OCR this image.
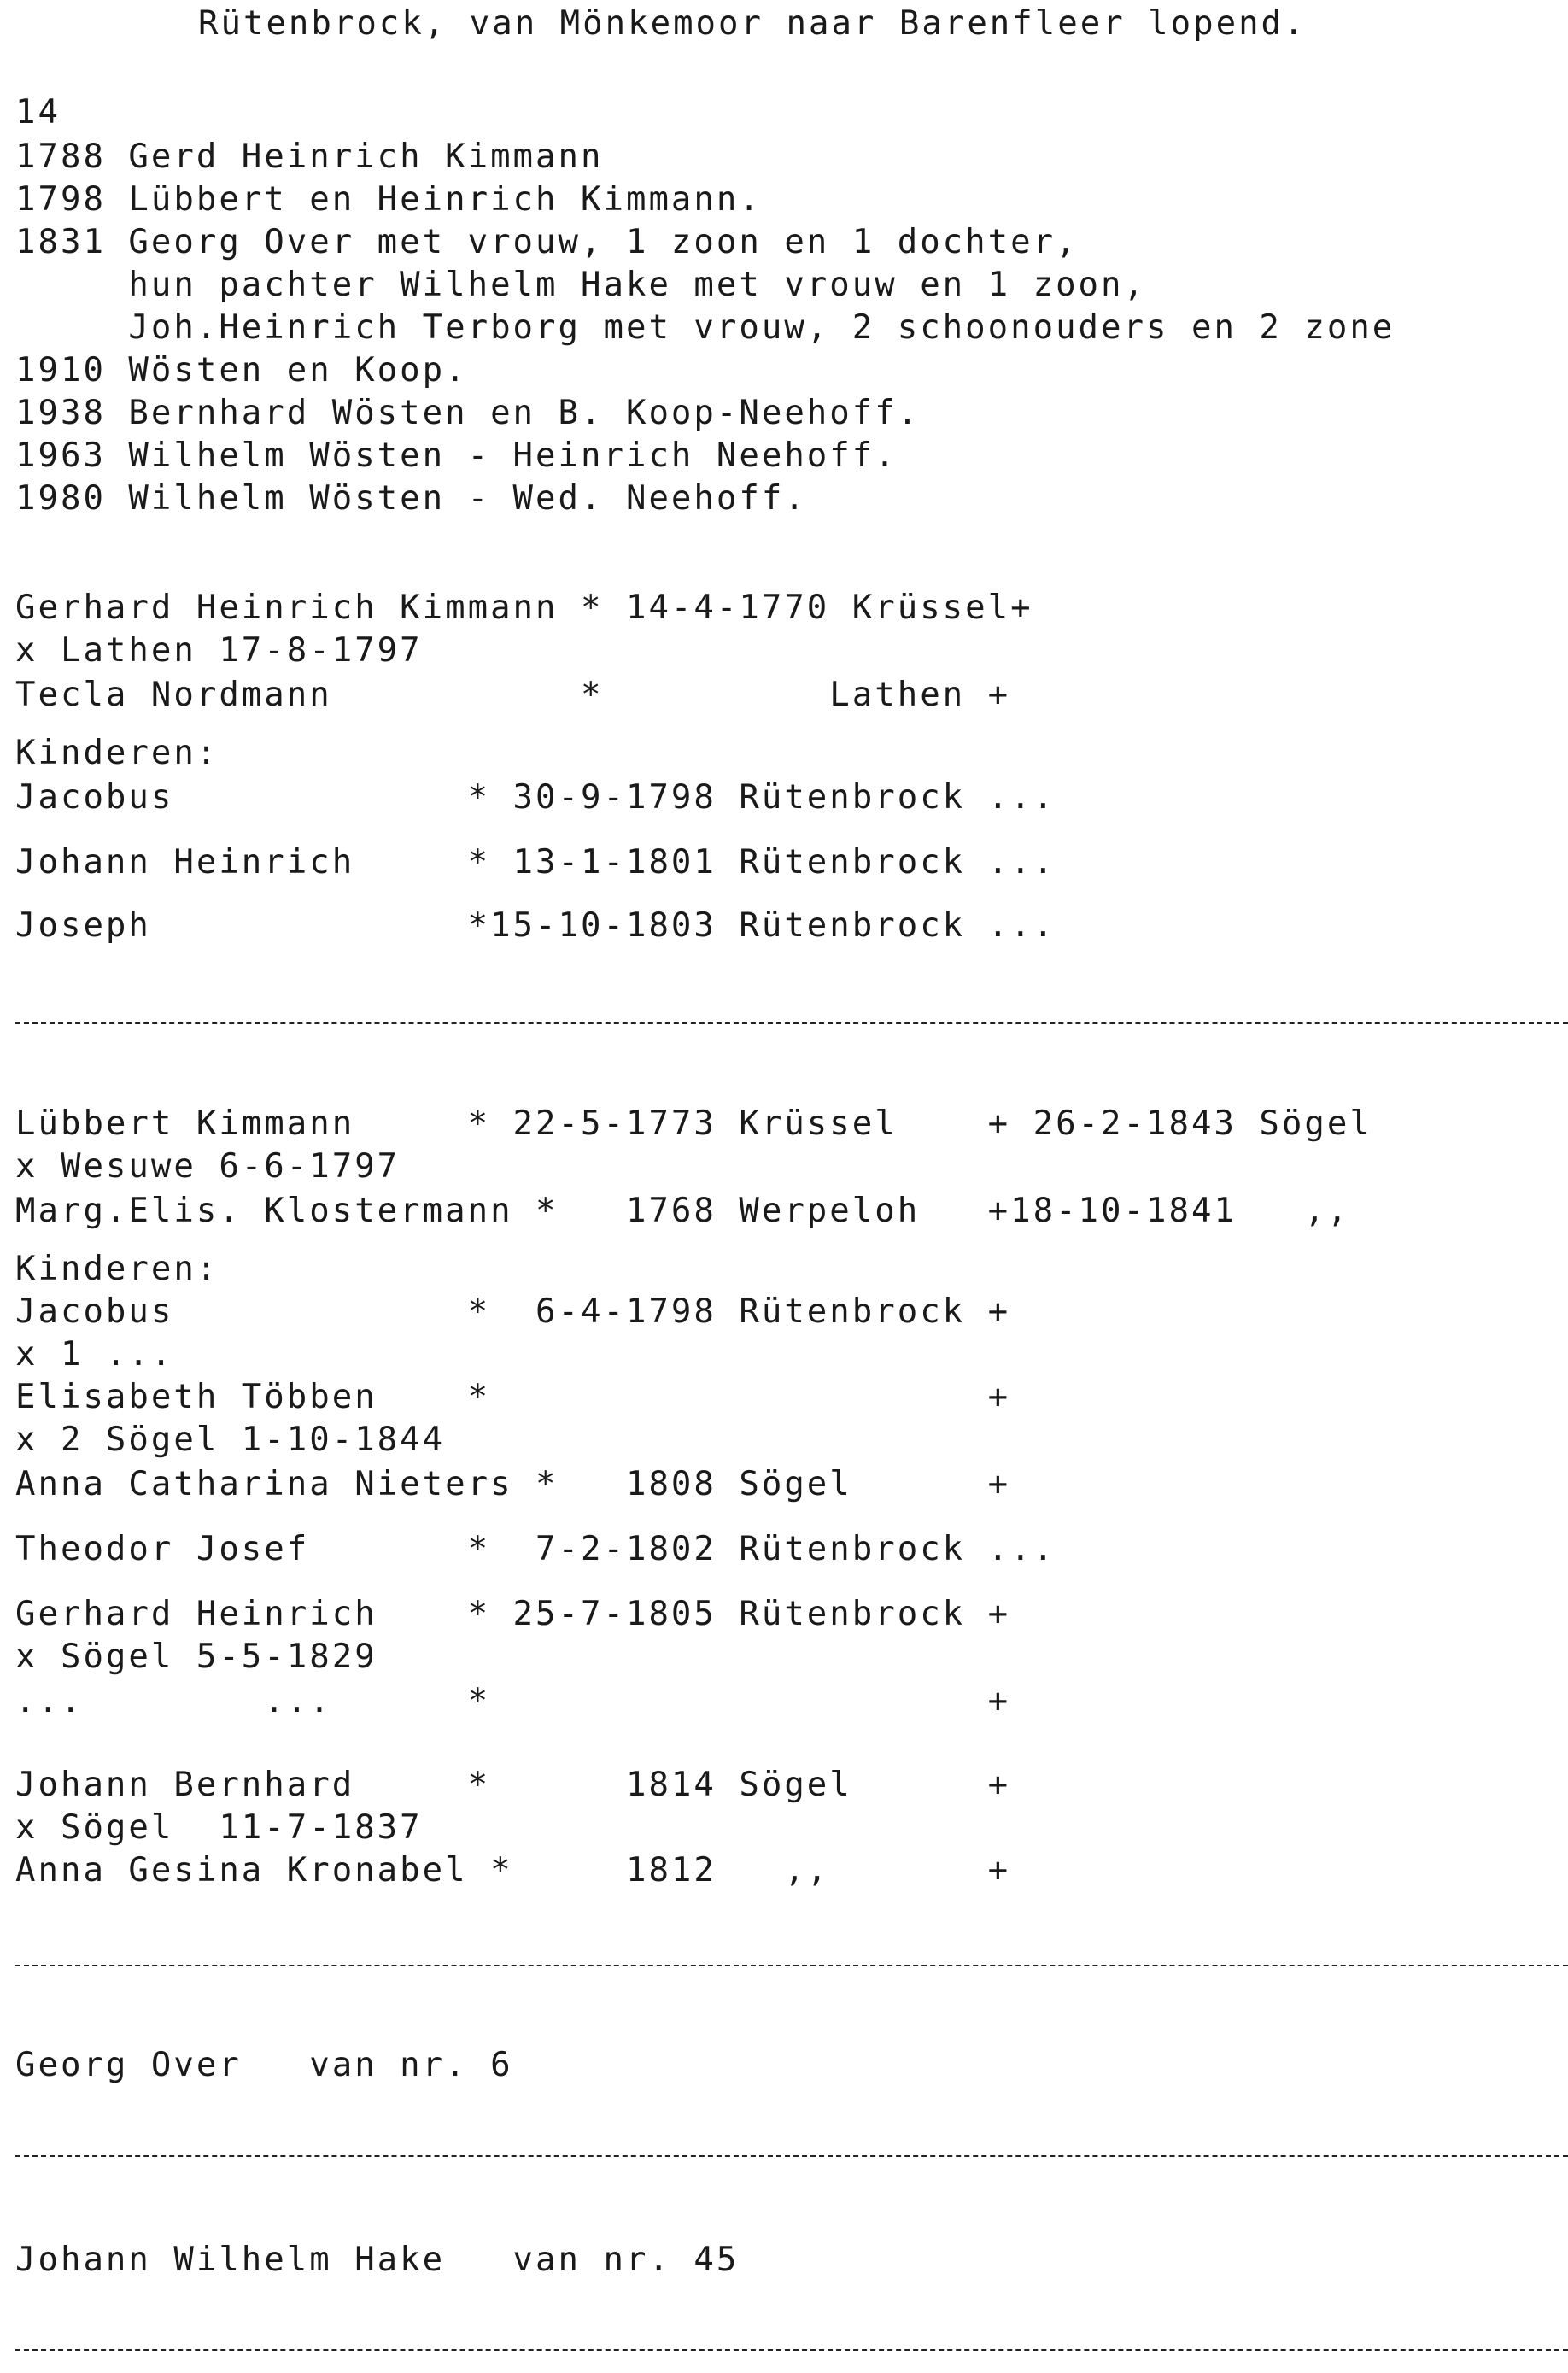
Rütenbrock, van Mönkemoor naar Barenfleer lopend.
14
1788 Gerd Heinrich Kimmann
1798 Lübbert en Heinrich Kimmann.
1831 Georg Over met vrouw, 1 zoon en 1 dochter,
hun pachter Wilhelm Hake met vrouw en 1 zoon,
Joh.Heinrich Terborg met vrouw, 2 schoonouders en 2 zone
1910 Wösten en Koop.
1938 Bernhard Wösten en B. Koop-Neehoff.
1963 Wilhelm Wösten - Heinrich Neehoff.
1980 Wilhelm Wösten - Wed. Neehoff.
Gerhard Heinrich Kimmann * 14-4-1770 Krüssel+
x Lathen 17-8-1797
Tecla Nordmann           *          Lathen +
Kinderen:
Jacobus             * 30-9-1798 Rütenbrock ...
Johann Heinrich     * 13-1-1801 Rütenbrock ...
Joseph              *15-10-1803 Rütenbrock ...
Lübbert Kimmann     * 22-5-1773 Krüssel    + 26-2-1843 Sögel
x Wesuwe 6-6-1797
Marg.Elis. Klostermann *   1768 Werpeloh   +18-10-1841   ,,
Kinderen:
Jacobus             *  6-4-1798 Rütenbrock +
x 1 ...
Elisabeth Többen    *                      +
x 2 Sögel 1-10-1844
Anna Catharina Nieters *   1808 Sögel      +
Theodor Josef       *  7-2-1802 Rütenbrock ...
Gerhard Heinrich    * 25-7-1805 Rütenbrock +
x Sögel 5-5-1829
...        ...      *                      +
Johann Bernhard     *      1814 Sögel      +
x Sögel  11-7-1837
Anna Gesina Kronabel *     1812   ,,       +
Georg Over   van nr. 6
Johann Wilhelm Hake   van nr. 45
